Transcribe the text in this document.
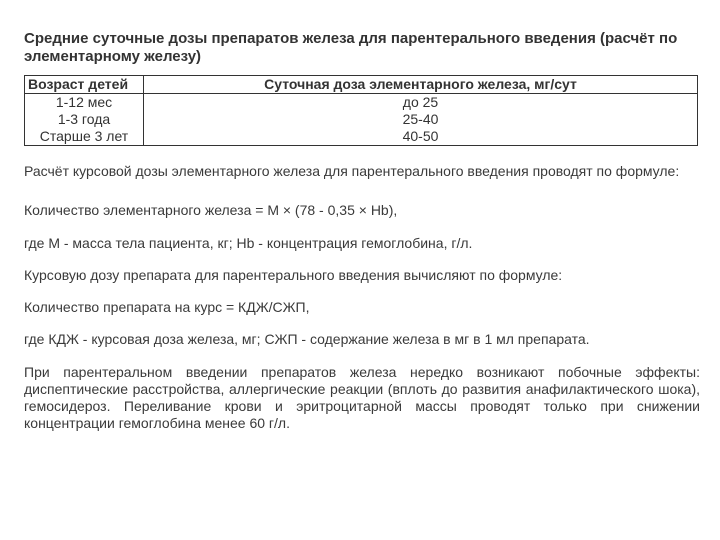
Средние суточные дозы препаратов железа для парентерального введения (расчёт по элементарному железу)
Возраст детей	Суточная доза элементарного железа, мг/сут
1-12 мес	до 25
1-3 года	25-40
Старше 3 лет	40-50

Расчёт курсовой дозы элементарного железа для парентерального введения проводят по формуле:

Количество элементарного железа = M × (78 - 0,35 × Hb),

где M - масса тела пациента, кг; Hb - концентрация гемоглобина, г/л.

Курсовую дозу препарата для парентерального введения вычисляют по формуле:

Количество препарата на курс = КДЖ/СЖП,

где КДЖ - курсовая доза железа, мг; СЖП - содержание железа в мг в 1 мл препарата.

При парентеральном введении препаратов железа нередко возникают побочные эффекты: диспептические расстройства, аллергические реакции (вплоть до развития анафилактического шока), гемосидероз. Переливание крови и эритроцитарной массы проводят только при снижении концентрации гемоглобина менее 60 г/л.
